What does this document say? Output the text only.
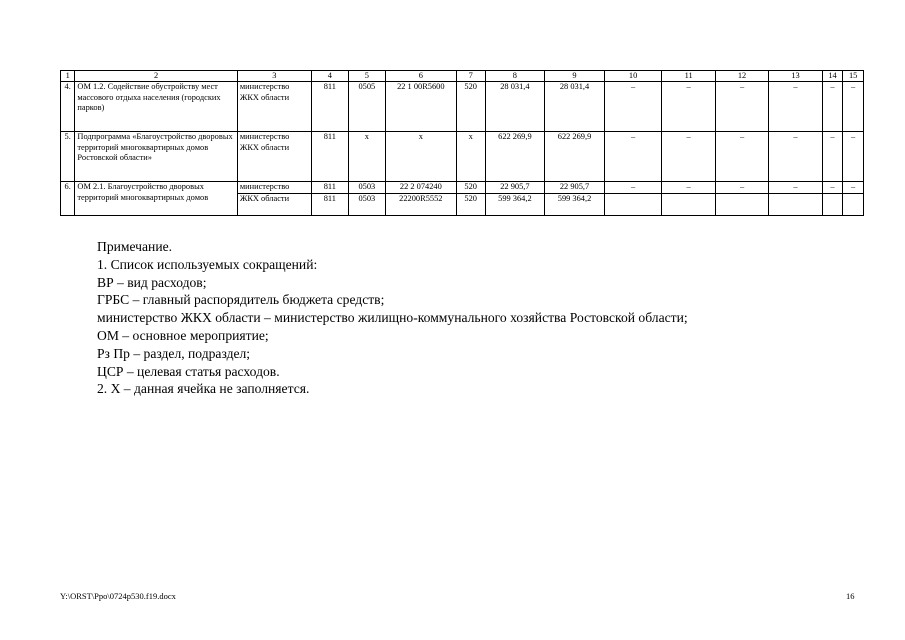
1	2	3	4	5	6	7	8	9	10	11	12	13	14	15
4.	ОМ 1.2. Содействие обустройству мест массового отдыха населения (городских парков)	министерство ЖКХ области	811	0505	22 1 00R5600	520	28 031,4	28 031,4	–	–	–	–	–	–
5.	Подпрограмма «Благоустройство дворовых территорий многоквартирных домов Ростовской области»	министерство ЖКХ области	811	х	х	х	622 269,9	622 269,9	–	–	–	–	–	–
6.	ОМ 2.1. Благоустройство дворовых территорий многоквартирных домов	министерство	811	0503	22 2 074240	520	22 905,7	22 905,7	–	–	–	–	–	–
		ЖКХ области	811	0503	22200R5552	520	599 364,2	599 364,2						
Примечание.
1. Список используемых сокращений:
ВР – вид расходов;
ГРБС – главный распорядитель бюджета средств;
министерство ЖКХ области – министерство жилищно-коммунального хозяйства Ростовской области;
ОМ – основное мероприятие;
Рз Пр – раздел, подраздел;
ЦСР – целевая статья расходов.
2. Х – данная ячейка не заполняется.
Y:\ORST\Ppo\0724p530.f19.docx	16
